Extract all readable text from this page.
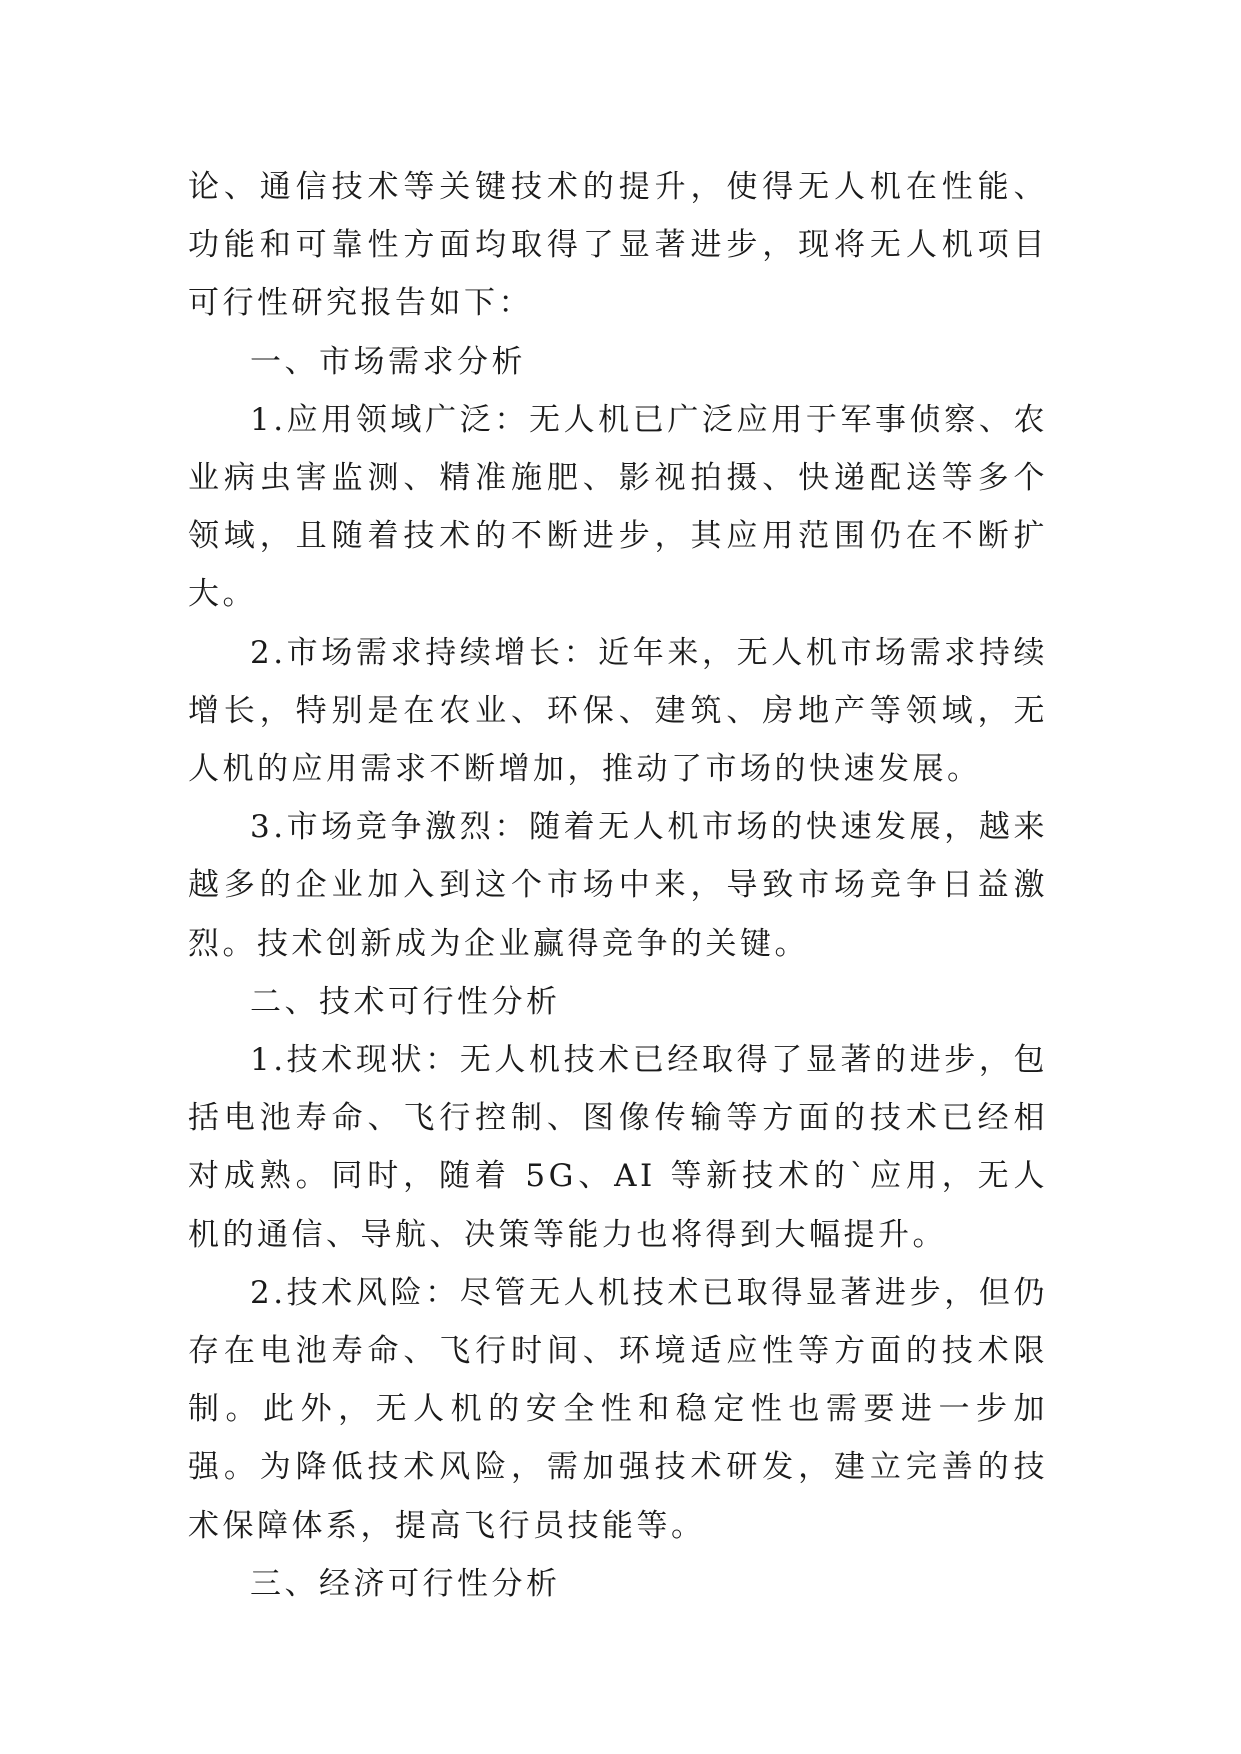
论、通信技术等关键技术的提升，使得无人机在性能、功能和可靠性方面均取得了显著进步，现将无人机项目可行性研究报告如下：

一、市场需求分析

1.应用领域广泛：无人机已广泛应用于军事侦察、农业病虫害监测、精准施肥、影视拍摄、快递配送等多个领域，且随着技术的不断进步，其应用范围仍在不断扩大。

2.市场需求持续增长：近年来，无人机市场需求持续增长，特别是在农业、环保、建筑、房地产等领域，无人机的应用需求不断增加，推动了市场的快速发展。

3.市场竞争激烈：随着无人机市场的快速发展，越来越多的企业加入到这个市场中来，导致市场竞争日益激烈。技术创新成为企业赢得竞争的关键。

二、技术可行性分析

1.技术现状：无人机技术已经取得了显著的进步，包括电池寿命、飞行控制、图像传输等方面的技术已经相对成熟。同时，随着 5G、AI 等新技术的`应用，无人机的通信、导航、决策等能力也将得到大幅提升。

2.技术风险：尽管无人机技术已取得显著进步，但仍存在电池寿命、飞行时间、环境适应性等方面的技术限制。此外，无人机的安全性和稳定性也需要进一步加强。为降低技术风险，需加强技术研发，建立完善的技术保障体系，提高飞行员技能等。

三、经济可行性分析
